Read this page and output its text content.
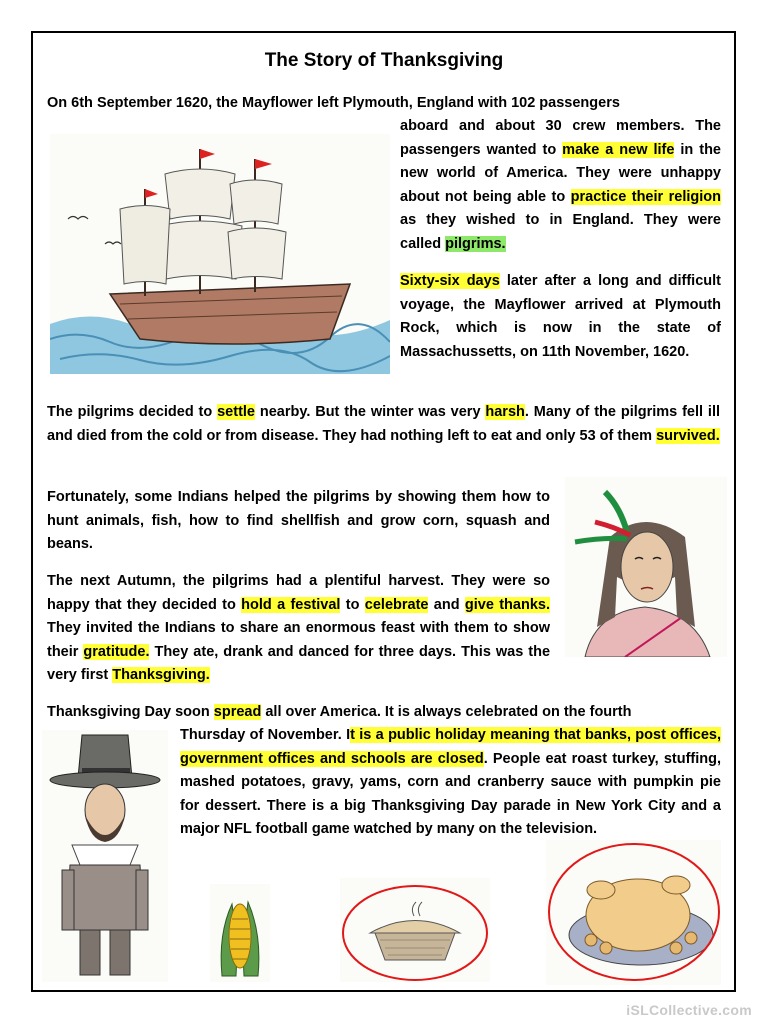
The Story of Thanksgiving
On 6th September 1620, the Mayflower left Plymouth, England with 102 passengers
aboard and about 30 crew members. The passengers wanted to make a new life in the new world of America. They were unhappy about not being able to practice their religion as they wished to in England. They were called pilgrims.
Sixty-six days later after a long and difficult voyage, the Mayflower arrived at Plymouth Rock, which is now in the state of Massachussetts, on 11th November, 1620.
The pilgrims decided to settle nearby. But the winter was very harsh. Many of the pilgrims fell ill and died from the cold or from disease. They had nothing left to eat and only 53 of them survived.
Fortunately, some Indians helped the pilgrims by showing them how to hunt animals, fish, how to find shellfish and grow corn, squash and beans.
The next Autumn, the pilgrims had a plentiful harvest. They were so happy that they decided to hold a festival to celebrate and give thanks. They invited the Indians to share an enormous feast with them to show their gratitude. They ate, drank and danced for three days. This was the very first Thanksgiving.
Thanksgiving Day soon spread all over America. It is always celebrated on the fourth
Thursday of November. It is a public holiday meaning that banks, post offices, government offices and schools are closed. People eat roast turkey, stuffing, mashed potatoes, gravy, yams, corn and cranberry sauce with pumpkin pie for dessert. There is a big Thanksgiving Day parade in New York City and a major NFL football game watched by many on the television.
iSLCollective.com
